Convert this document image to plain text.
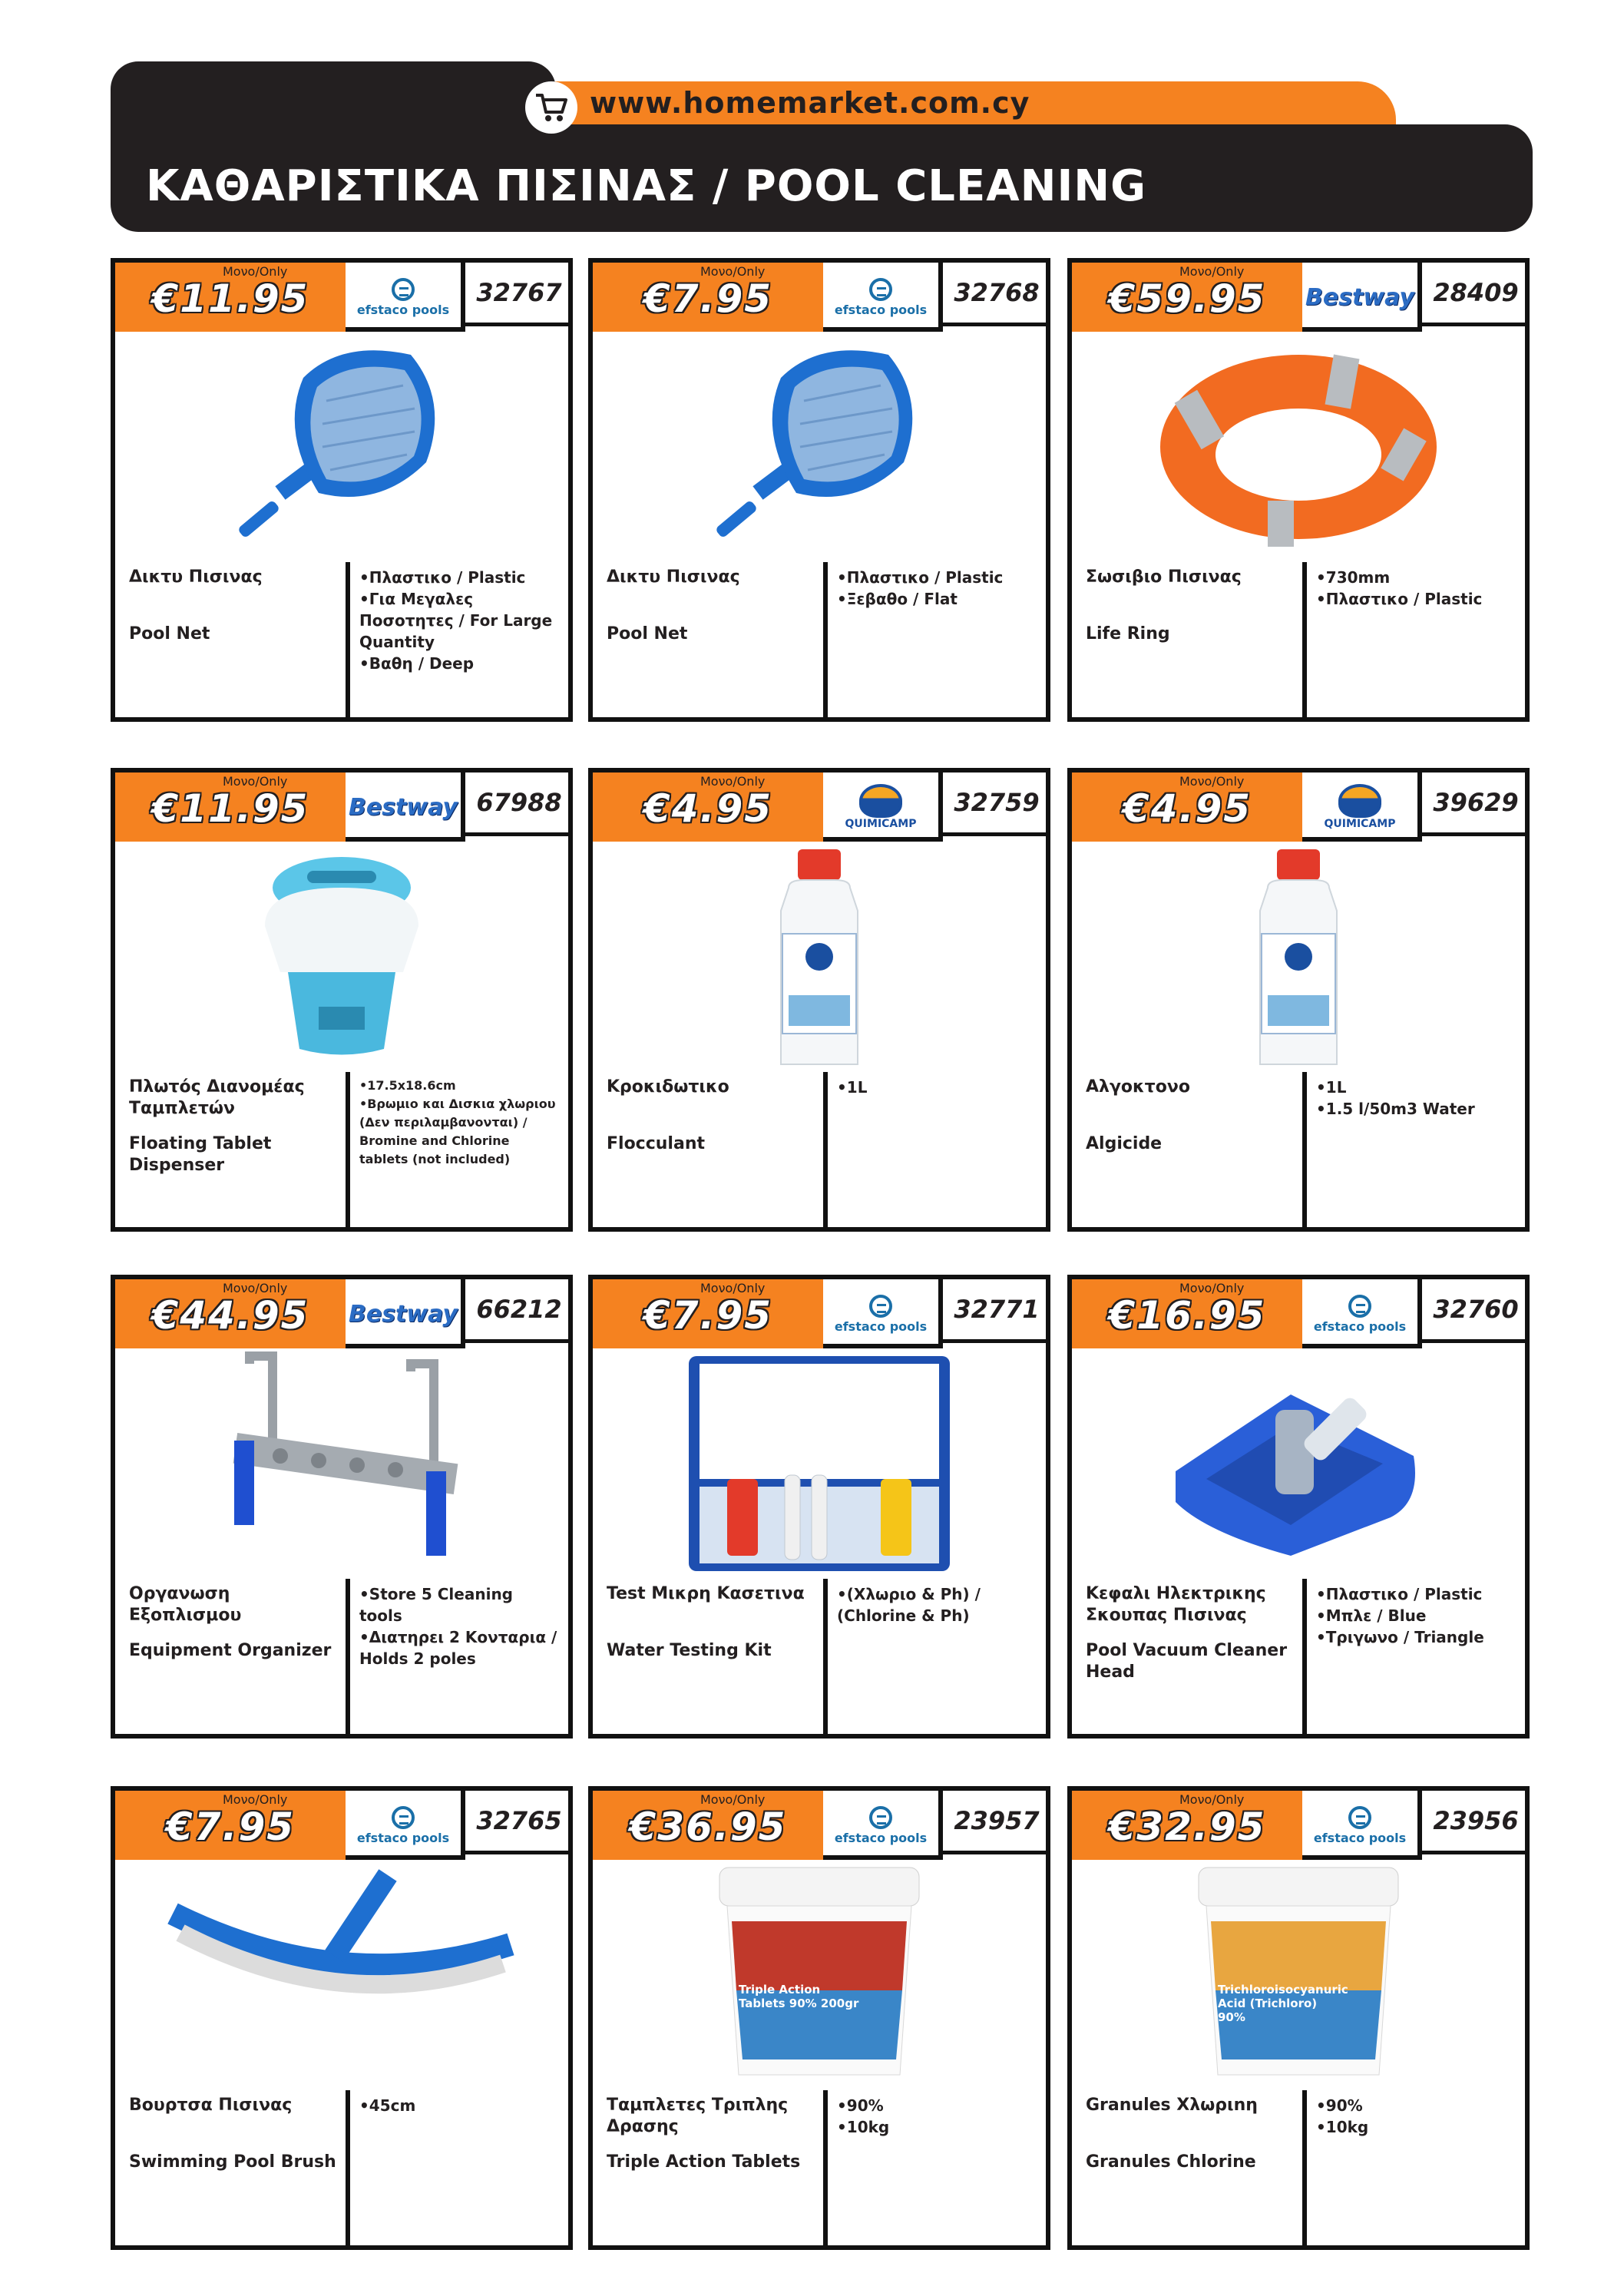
www.homemarket.com.cy
ΚΑΘΑΡΙΣΤΙΚΑ ΠΙΣΙΝΑΣ / POOL CLEANING
Μονο/Only
€11.95	efstaco pools
32767
Δικτυ Πισινας
Pool Net
•Πλαστικο / Plastic
•Για Μεγαλες Ποσοτητες / For Large Quantity
•Βαθη / Deep
Μονο/Only
€7.95	efstaco pools
32768
Δικτυ Πισινας
Pool Net
•Πλαστικο / Plastic
•Ξεβαθο / Flat
Μονο/Only
€59.95	Bestway 28409
Σωσιβιο Πισινας
Life Ring
•730mm
•Πλαστικο / Plastic
Μονο/Only
€11.95	Bestway 67988
Πλωτός Διανομέας Ταμπλετών
Floating Tablet Dispenser
•17.5x18.6cm
•Βρωμιο και Δισκια χλωριου (Δεν περιλαμβανονται) / Bromine and Chlorine tablets (not included)
Μονο/Only
€4.95	QUIMICAMP
32759
Κροκιδωτικο
Flocculant
•1L
Μονο/Only
€4.95	QUIMICAMP
39629
Αλγοκτονο
Algicide
•1L
•1.5 l/50m3 Water
Μονο/Only
€44.95	Bestway 66212
Οργανωση Εξοπλισμου
Equipment Organizer
•Store 5 Cleaning tools
•Διατηρει 2 Κονταρια / Holds 2 poles
Μονο/Only
€7.95	efstaco pools
32771
Test Μικρη Κασετινα
Water Testing Kit
•(Χλωριο & Ph) / (Chlorine & Ph)
Μονο/Only
€16.95	efstaco pools
32760
Κεφαλι Ηλεκτρικης Σκουπας Πισινας
Pool Vacuum Cleaner Head
•Πλαστικο / Plastic
•Μπλε / Blue
•Τριγωνο / Triangle
Μονο/Only
€7.95	efstaco pools
32765
Βουρτσα Πισινας
Swimming Pool Brush
•45cm
Μονο/Only
€36.95	efstaco pools
23957
Triple Action Tablets 90% 200gr
10kg
Ταμπλετες Τριπλης Δρασης
Triple Action Tablets
•90%
•10kg
Μονο/Only
€32.95	efstaco pools
23956
Trichloroisocyanuric Acid (Trichloro) 90%
10kg
Granules Χλωριnη
Granules Chlorine
•90%
•10kg
